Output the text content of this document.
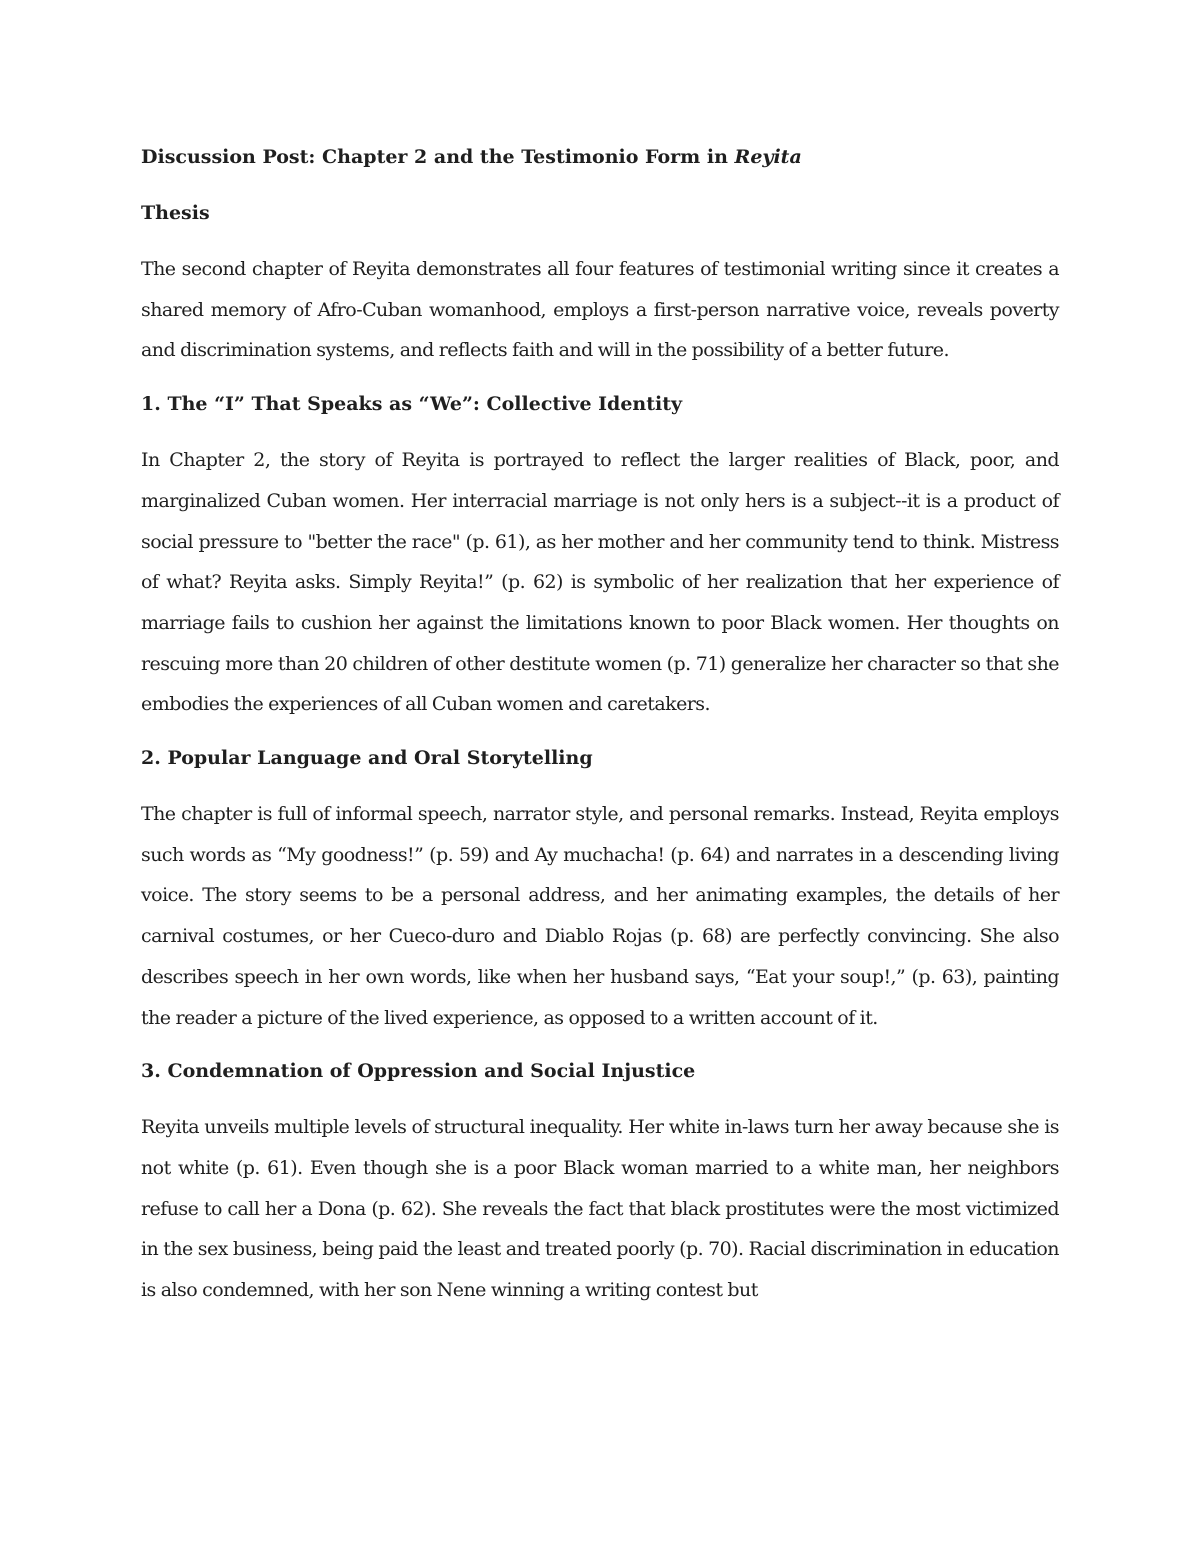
Discussion Post: Chapter 2 and the Testimonio Form in Reyita
Thesis

The second chapter of Reyita demonstrates all four features of testimonial writing since it creates a shared memory of Afro-Cuban womanhood, employs a first-person narrative voice, reveals poverty and discrimination systems, and reflects faith and will in the possibility of a better future.

1. The “I” That Speaks as “We”: Collective Identity

In Chapter 2, the story of Reyita is portrayed to reflect the larger realities of Black, poor, and marginalized Cuban women. Her interracial marriage is not only hers is a subject--it is a product of social pressure to "better the race" (p. 61), as her mother and her community tend to think. Mistress of what? Reyita asks. Simply Reyita!” (p. 62) is symbolic of her realization that her experience of marriage fails to cushion her against the limitations known to poor Black women. Her thoughts on rescuing more than 20 children of other destitute women (p. 71) generalize her character so that she embodies the experiences of all Cuban women and caretakers.

2. Popular Language and Oral Storytelling

The chapter is full of informal speech, narrator style, and personal remarks. Instead, Reyita employs such words as “My goodness!” (p. 59) and Ay muchacha! (p. 64) and narrates in a descending living voice. The story seems to be a personal address, and her animating examples, the details of her carnival costumes, or her Cueco-duro and Diablo Rojas (p. 68) are perfectly convincing. She also describes speech in her own words, like when her husband says, “Eat your soup!,” (p. 63), painting the reader a picture of the lived experience, as opposed to a written account of it.

3. Condemnation of Oppression and Social Injustice

Reyita unveils multiple levels of structural inequality. Her white in-laws turn her away because she is not white (p. 61). Even though she is a poor Black woman married to a white man, her neighbors refuse to call her a Dona (p. 62). She reveals the fact that black prostitutes were the most victimized in the sex business, being paid the least and treated poorly (p. 70). Racial discrimination in education is also condemned, with her son Nene winning a writing contest but
